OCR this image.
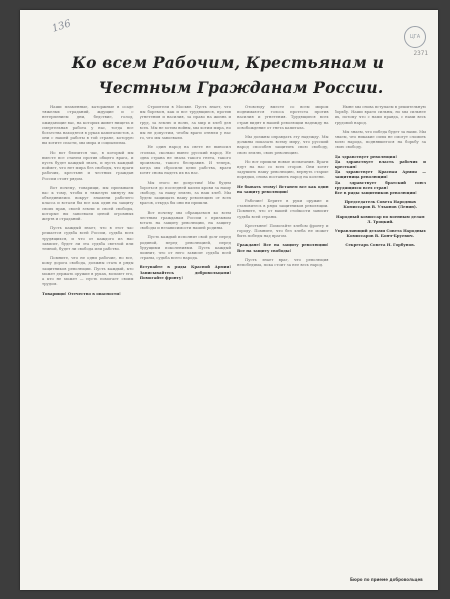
136
ЦГА
2371
Ко всем Рабочим, Крестьянам и
Честным Гражданам России.

Наши пламенные, каторжные в осаде тяжелых страданий, ждущие и с нетерпением дни, бедствие, голод, ожидающие вас, на которых живет нищета и смертельная работа у нас, тогда все богатства находятся в руках капиталистов, а они с нашей работы в той стране, которую вы хотите спасти, мы мира и социализма.

Но вот близится час, в который мы вместе все станем против общего врага, и пусть будет каждый знать, и пусть каждый поймет, что нет мира без свободы, что враги рабочих, крестьян и честных граждан России стоят рядом.

Вот почему, товарищи, мы призываем вас к тому, чтобы в тяжелую минуту вы объединились вокруг знамени рабочего класса и встали бы все как один на защиту своих прав, своей земли и своей свободы, которые вы завоевали ценой огромных жертв и страданий.

Пусть каждый знает, что в этот час решается судьба всей России, судьба всех трудящихся, и что от каждого из нас зависит, будет ли эта судьба светлой или темной, будет ли свобода или рабство.

Помните, что не одни рабочие, но все, кому дорога свобода, должны стать в ряды защитников революции. Пусть каждый, кто может держать оружие в руках, возьмет его, а кто не может — пусть помогает своим трудом.

Товарищи! Отечество в опасности!

Строители в Москве. Пусть знает, что мы боремся, как и все трудящиеся, против угнетения и насилия, за право на жизнь и труд, за землю и волю, за мир и хлеб для всех. Мы не хотим войны, мы хотим мира, но мы не допустим, чтобы враги отняли у нас то, что мы завоевали.

Не один народ на свете не выносил столько, сколько вынес русский народ. Не одна страна не знала такого гнета, такого произвола, такого бесправия. И теперь, когда мы сбросили цепи рабства, враги хотят снова надеть их на нас.

Мы этого не допустим! Мы будем бороться до последней капли крови за нашу свободу, за нашу землю, за наш хлеб. Мы будем защищать нашу революцию от всех врагов, откуда бы они ни пришли.

Вот почему мы обращаемся ко всем честным гражданам России с призывом встать на защиту революции, на защиту свободы и независимости нашей родины.

Пусть каждый исполнит свой долг перед родиной, перед революцией, перед будущими поколениями. Пусть каждый помнит, что от него зависит судьба всей страны, судьба всего народа.

Вступайте в ряды Красной Армии! Записывайтесь добровольцами! Помогайте фронту!

Отовсюду вместе со всем миром поднимаются голоса протеста против насилия и угнетения. Трудящиеся всех стран видят в нашей революции надежду на освобождение от гнета капитала.

Мы должны оправдать эту надежду. Мы должны показать всему миру, что русский народ способен защитить свою свободу, свою землю, свою революцию.

Но вот пришли новые испытания. Враги идут на нас со всех сторон. Они хотят задушить нашу революцию, вернуть старые порядки, снова поставить народ на колени.

Не бывать этому! Встанем все как один на защиту революции!

Рабочие! Берите в руки оружие и становитесь в ряды защитников революции. Помните, что от вашей стойкости зависит судьба всей страны.

Крестьяне! Помогайте хлебом фронту и городу. Помните, что без хлеба не может быть победы над врагом.

Граждане! Все на защиту революции! Все на защиту свободы!

Пусть знает враг, что революция непобедима, пока стоит за нее весь народ.

Ныне мы снова вступаем в решительную борьбу. Наши враги сильны, но мы сильнее их, потому что с нами правда, с нами весь трудовой народ.

Мы знаем, что победа будет за нами. Мы знаем, что никакие силы не смогут сломить волю народа, поднявшегося на борьбу за свою свободу.

Да здравствует революция!

Да здравствует власть рабочих и крестьян!

Да здравствует Красная Армия — защитница революции!

Да здравствует братский союз трудящихся всех стран!

Все в ряды защитников революции!

Председатель Совета Народных Комиссаров В. Ульянов (Ленин).

Народный комиссар по военным делам Л. Троцкий.

Управляющий делами Совета Народных Комиссаров В. Бонч-Бруевич.

Секретарь Совета Н. Горбунов.

Бюро по приеме добровольцев
